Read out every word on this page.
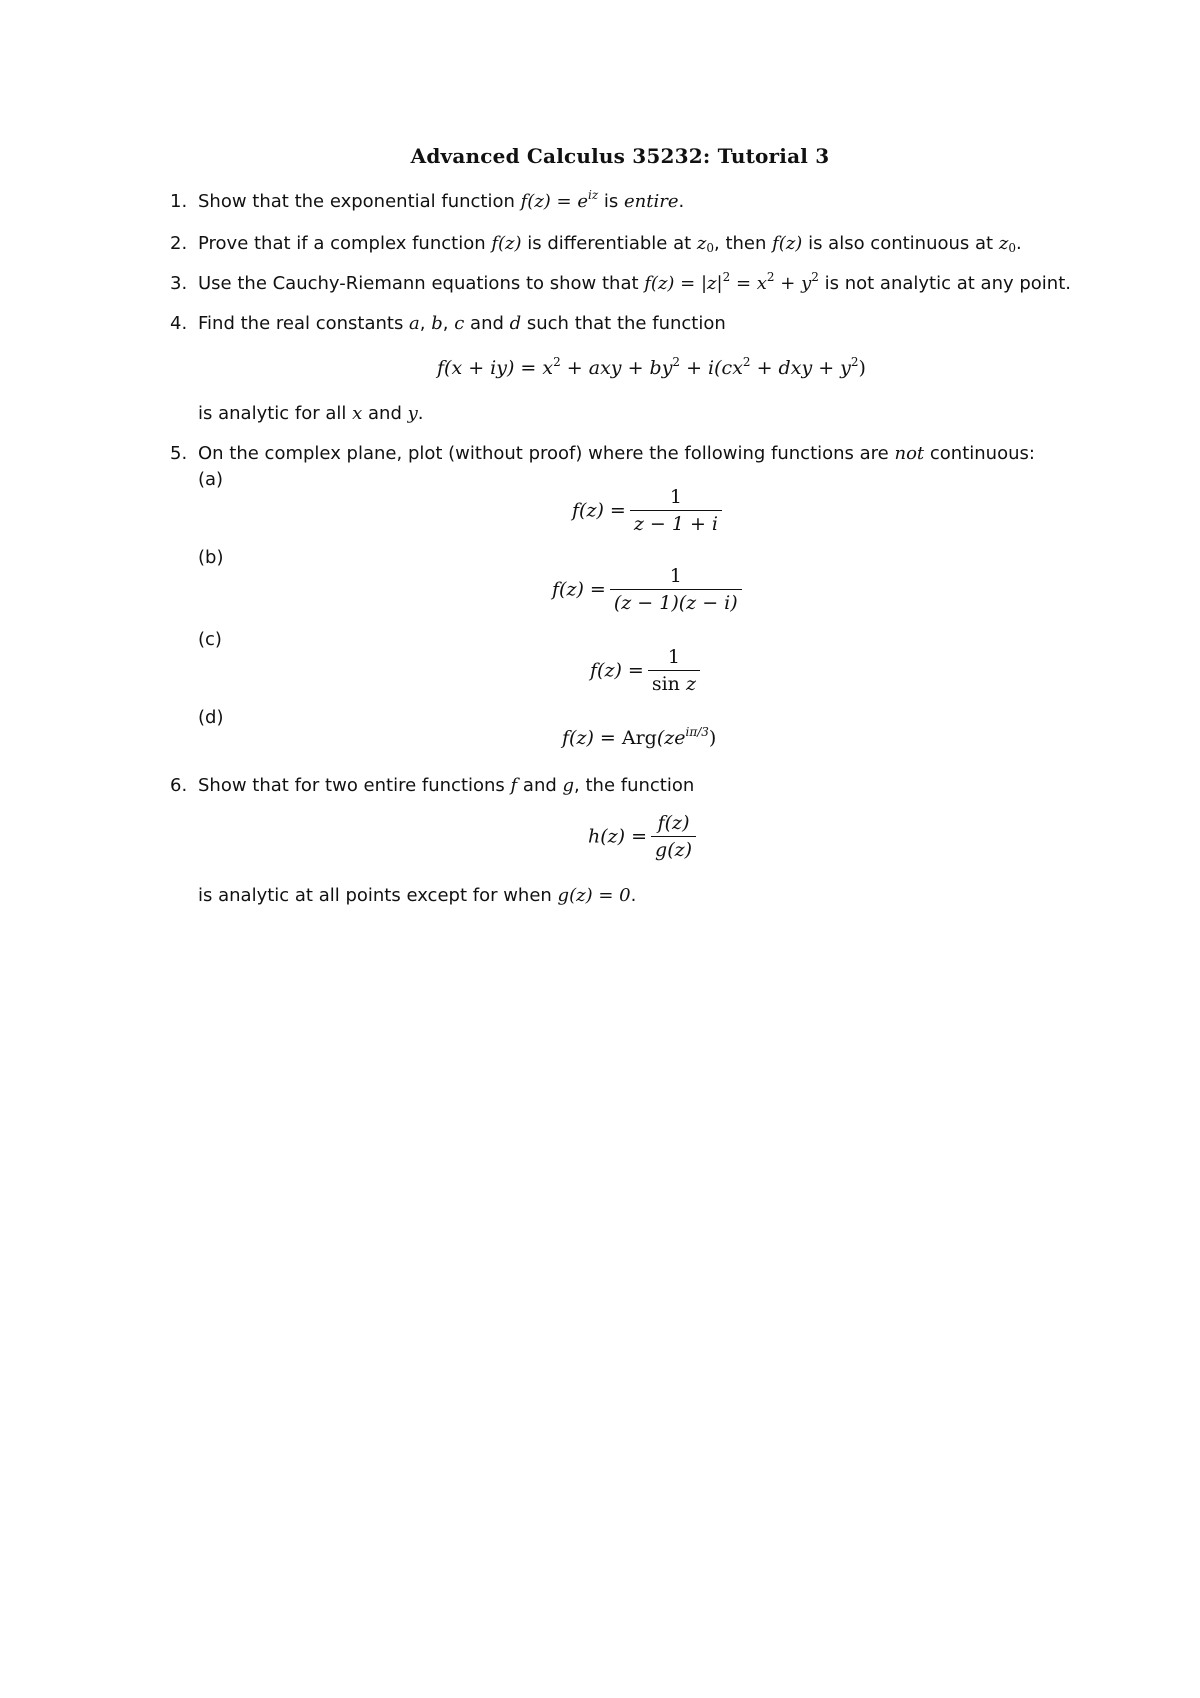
Advanced Calculus 35232: Tutorial 3
1. Show that the exponential function $f(z) = e^{iz}$ is entire.
2. Prove that if a complex function f(z) is differentiable at $z_0$, then f(z) is also continuous at $z_0$.
3. Use the Cauchy-Riemann equations to show that $f(z) = |z|^2 = x^2 + y^2$ is not analytic at any point.
4. Find the real constants a, b, c and d such that the function
$f(x + iy) = x^2$ + axy + $by^2 + i(cx^2$ + dxy + $y^2$)
is analytic for all x and y.
5. On the complex plane, plot (without proof) where the following functions are not continuous:
(a)
$f(z) = \frac{1}{z - 1 + i}$
(b)
$f(z) = \frac{1}{(z - 1)(z - i)}$
(c)
$f(z) = \frac{1}{\text{sin z}}$
(d)
$f(z) = Arg(ze^{i\pi/3})$
6. Show that for two entire functions f and g, the function
$h(z) = \frac{f(z)}{g(z)}$
is analytic at all points except for when g(z) = 0.
